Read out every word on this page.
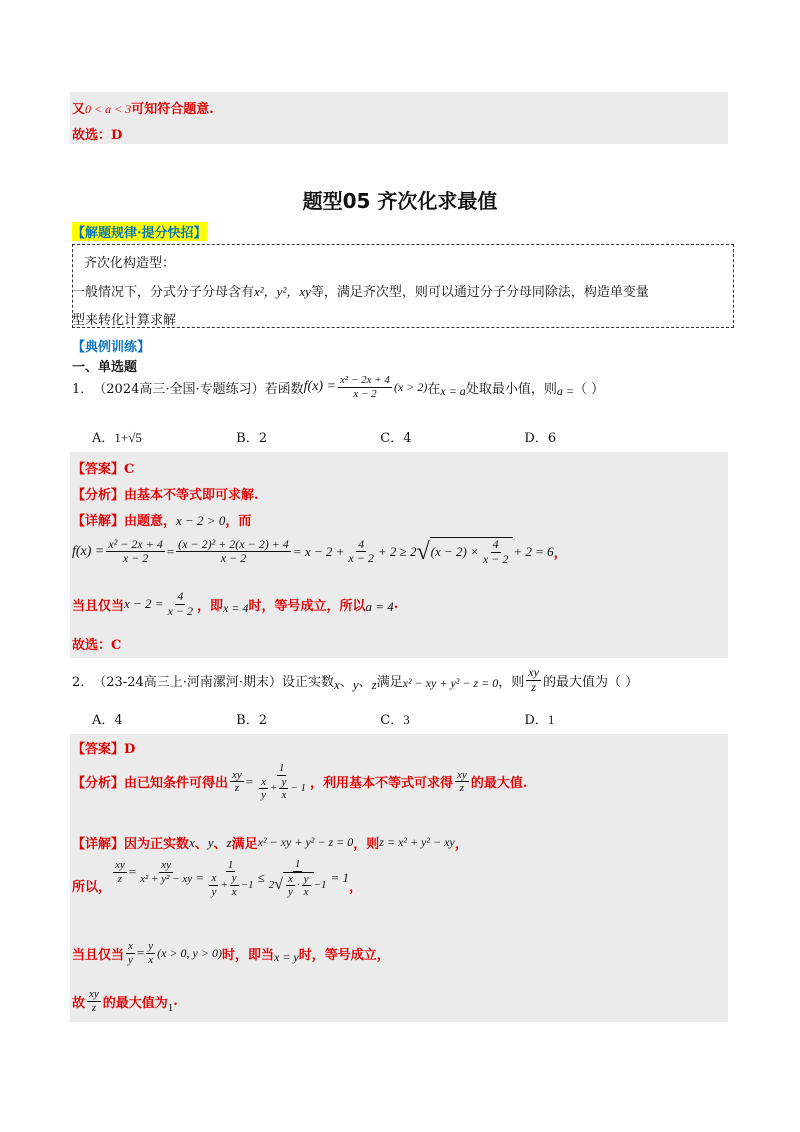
又0 < a < 3可知符合题意.
故选：D
题型05 齐次化求最值
【解题规律·提分快招】
齐次化构造型：
一般情况下，分式分子分母含有x²，y²，xy等，满足齐次型，则可以通过分子分母同除法，构造单变量
型来转化计算求解
【典例训练】
一、单选题
1． （2024高三·全国·专题练习）若函数 $f(x) = \frac{\text{x² − 2x + 4}}{x - 2} (x > 2)$ 在 x = a 处取最小值，则 a = （ ）
A．1+√5	B．2	C．4	D．6
【答案】C
【分析】由基本不等式即可求解.
【详解】由题意，x − 2 > 0，而
$f(x) = \frac{\text{x² − 2x + 4}}{x - 2} = \frac{\text{(x − 2)² + 2(x − 2) + 4}}{x - 2} = x - 2 + \frac{4}{x - 2} + 2 \ge 2$ √ $(x - 2) \times \frac{4}{x - 2} + 2 = 6$ ，
当且仅当 $x - 2 = \frac{4}{x - 2}$ ，即 x = 4 时，等号成立，所以 a = 4 .
故选：C
2． （23-24高三上·河南漯河·期末）设正实数 x 、 y 、 z 满足 x² − xy + y² − z = 0 ，则 $\frac{xy}{z}$ 的最大值为（ ）
A．4	B．2	C．3	D．1
【答案】D
【分析】由已知条件可得出 $\frac{xy}{z} = \frac{1}{\frac{x}{y} + \frac{y}{x} - 1}$ ，利用基本不等式可求得 $\frac{xy}{z}$ 的最大值.
【详解】因为正实数 x 、 y 、 z 满足 x² − xy + y² − z = 0 ，则 z = x² + y² − xy ，
所以，
$\frac{xy}{z} = \frac{xy}{\text{x² + y² − xy}} = \frac{1}{\frac{x}{y} + \frac{y}{x} -1} \le \frac{1}{2 √ \frac{x}{y} \cdot \frac{y}{x} -1} = 1$
，
当且仅当 $\frac{x}{y} = \frac{y}{x} (x > 0$, y > 0) 时，即当 x = y 时，等号成立，
故 $\frac{xy}{z}$ 的最大值为 1 .
